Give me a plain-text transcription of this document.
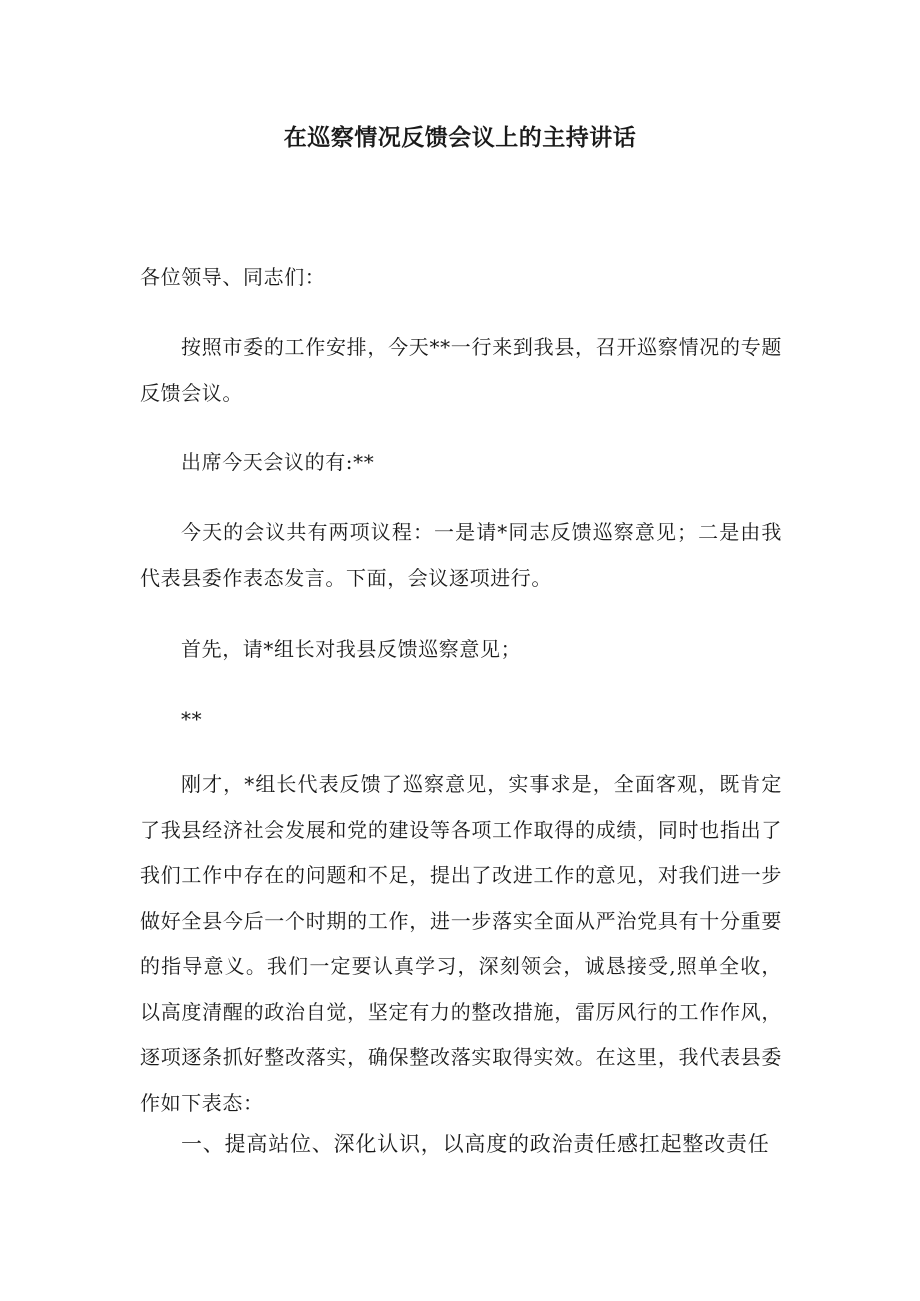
在巡察情况反馈会议上的主持讲话

各位领导、同志们：

按照市委的工作安排，今天**一行来到我县，召开巡察情况的专题反馈会议。

出席今天会议的有:**

今天的会议共有两项议程：一是请*同志反馈巡察意见；二是由我代表县委作表态发言。下面，会议逐项进行。

首先，请*组长对我县反馈巡察意见；

**

刚才，*组长代表反馈了巡察意见，实事求是，全面客观，既肯定了我县经济社会发展和党的建设等各项工作取得的成绩，同时也指出了我们工作中存在的问题和不足，提出了改进工作的意见，对我们进一步做好全县今后一个时期的工作，进一步落实全面从严治党具有十分重要的指导意义。我们一定要认真学习，深刻领会，诚恳接受,照单全收，以高度清醒的政治自觉，坚定有力的整改措施，雷厉风行的工作作风，逐项逐条抓好整改落实，确保整改落实取得实效。在这里，我代表县委作如下表态：

一、提高站位、深化认识，以高度的政治责任感扛起整改责任
